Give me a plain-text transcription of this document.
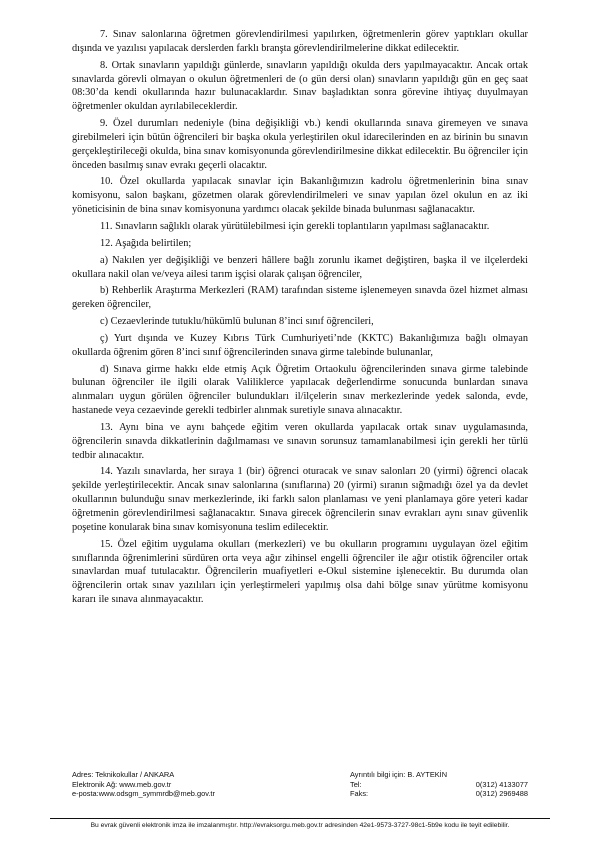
7. Sınav salonlarına öğretmen görevlendirilmesi yapılırken, öğretmenlerin görev yaptıkları okullar dışında ve yazılısı yapılacak derslerden farklı branşta görevlendirilmelerine dikkat edilecektir.

8. Ortak sınavların yapıldığı günlerde, sınavların yapıldığı okulda ders yapılmayacaktır. Ancak ortak sınavlarda görevli olmayan o okulun öğretmenleri de (o gün dersi olan) sınavların yapıldığı gün en geç saat 08:30’da kendi okullarında hazır bulunacaklardır. Sınav başladıktan sonra görevine ihtiyaç duyulmayan öğretmenler okuldan ayrılabileceklerdir.

9. Özel durumları nedeniyle (bina değişikliği vb.) kendi okullarında sınava giremeyen ve sınava girebilmeleri için bütün öğrencileri bir başka okula yerleştirilen okul idarecilerinden en az birinin bu sınavın gerçekleştirileceği okulda, bina sınav komisyonunda görevlendirilmesine dikkat edilecektir. Bu öğrenciler için önceden basılmış sınav evrakı geçerli olacaktır.

10. Özel okullarda yapılacak sınavlar için Bakanlığımızın kadrolu öğretmenlerinin bina sınav komisyonu, salon başkanı, gözetmen olarak görevlendirilmeleri ve sınav yapılan özel okulun en az iki yöneticisinin de bina sınav komisyonuna yardımcı olacak şekilde binada bulunması sağlanacaktır.

11. Sınavların sağlıklı olarak yürütülebilmesi için gerekli toplantıların yapılması sağlanacaktır.

12. Aşağıda belirtilen;

a) Nakılen yer değişikliği ve benzeri hâllere bağlı zorunlu ikamet değiştiren, başka il ve ilçelerdeki okullara nakil olan ve/veya ailesi tarım işçisi olarak çalışan öğrenciler,

b) Rehberlik Araştırma Merkezleri (RAM) tarafından sisteme işlenemeyen sınavda özel hizmet alması gereken öğrenciler,

c) Cezaevlerinde tutuklu/hükümlü bulunan 8’inci sınıf öğrencileri,

ç) Yurt dışında ve Kuzey Kıbrıs Türk Cumhuriyeti’nde (KKTC) Bakanlığımıza bağlı olmayan okullarda öğrenim gören 8’inci sınıf öğrencilerinden sınava girme talebinde bulunanlar,

d) Sınava girme hakkı elde etmiş Açık Öğretim Ortaokulu öğrencilerinden sınava girme talebinde bulunan öğrenciler ile ilgili olarak Valiliklerce yapılacak değerlendirme sonucunda bunlardan sınava alınmaları uygun görülen öğrenciler bulundukları il/ilçelerin sınav merkezlerinde yedek salonda, evde, hastanede veya cezaevinde gerekli tedbirler alınmak suretiyle sınava alınacaktır.

13. Aynı bina ve aynı bahçede eğitim veren okullarda yapılacak ortak sınav uygulamasında, öğrencilerin sınavda dikkatlerinin dağılmaması ve sınavın sorunsuz tamamlanabilmesi için gerekli her türlü tedbir alınacaktır.

14. Yazılı sınavlarda, her sıraya 1 (bir) öğrenci oturacak ve sınav salonları 20 (yirmi) öğrenci olacak şekilde yerleştirilecektir. Ancak sınav salonlarına (sınıflarına) 20 (yirmi) sıranın sığmadığı özel ya da devlet okullarının bulunduğu sınav merkezlerinde, iki farklı salon planlaması ve yeni planlamaya göre yeteri kadar öğretmenin görevlendirilmesi sağlanacaktır. Sınava girecek öğrencilerin sınav evrakları aynı sınav güvenlik poşetine konularak bina sınav komisyonuna teslim edilecektir.

15. Özel eğitim uygulama okulları (merkezleri) ve bu okulların programını uygulayan özel eğitim sınıflarında öğrenimlerini sürdüren orta veya ağır zihinsel engelli öğrenciler ile ağır otistik öğrenciler ortak sınavlardan muaf tutulacaktır. Öğrencilerin muafiyetleri e-Okul sistemine işlenecektir. Bu durumda olan öğrencilerin ortak sınav yazılıları için yerleştirmeleri yapılmış olsa dahi bölge sınav yürütme komisyonu kararı ile sınava alınmayacaktır.

Adres: Teknikokullar / ANKARA
Elektronik Ağ: www.meb.gov.tr
e-posta:www.odsgm_symmrdb@meb.gov.tr
Ayrıntılı bilgi için: B. AYTEKİN
Tel:	0(312) 4133077
Faks:	0(312) 2969488
Bu evrak güvenli elektronik imza ile imzalanmıştır. http://evraksorgu.meb.gov.tr adresinden 42e1-9573-3727-98c1-5b9e kodu ile teyit edilebilir.
